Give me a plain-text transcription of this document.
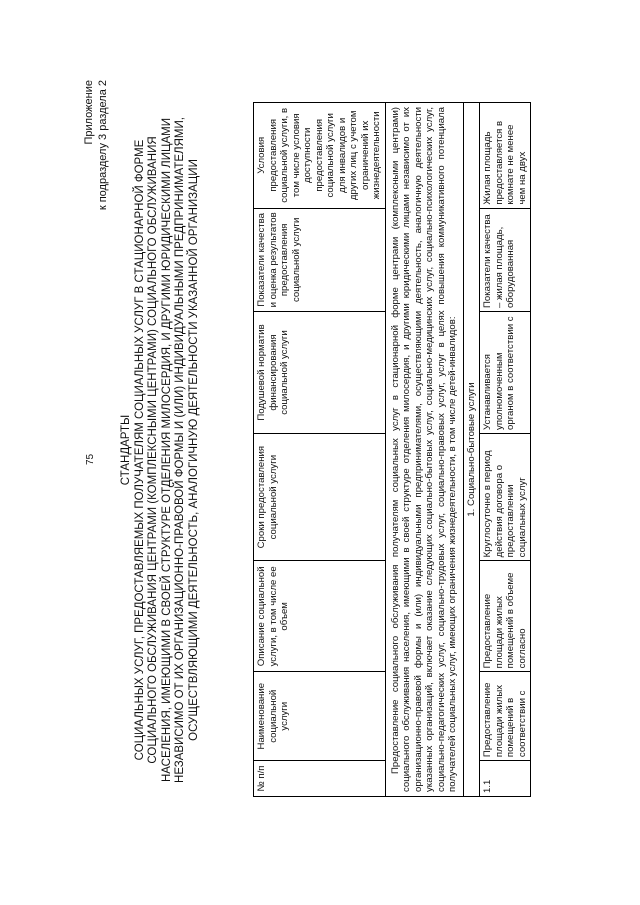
75
Приложение к подразделу 3 раздела 2
СТАНДАРТЫ СОЦИАЛЬНЫХ УСЛУГ, ПРЕДОСТАВЛЯЕМЫХ ПОЛУЧАТЕЛЯМ СОЦИАЛЬНЫХ УСЛУГ В СТАЦИОНАРНОЙ ФОРМЕ СОЦИАЛЬНОГО ОБСЛУЖИВАНИЯ ЦЕНТРАМИ (КОМПЛЕКСНЫМИ ЦЕНТРАМИ) СОЦИАЛЬНОГО ОБСЛУЖИВАНИЯ НАСЕЛЕНИЯ, ИМЕЮЩИМИ В СВОЕЙ СТРУКТУРЕ ОТДЕЛЕНИЯ МИЛОСЕРДИЯ, И ДРУГИМИ ЮРИДИЧЕСКИМИ ЛИЦАМИ НЕЗАВИСИМО ОТ ИХ ОРГАНИЗАЦИОННО-ПРАВОВОЙ ФОРМЫ И (ИЛИ) ИНДИВИДУАЛЬНЫМИ ПРЕДПРИНИМАТЕЛЯМИ, ОСУЩЕСТВЛЯЮЩИМИ ДЕЯТЕЛЬНОСТЬ, АНАЛОГИЧНУЮ ДЕЯТЕЛЬНОСТИ УКАЗАННОЙ ОРГАНИЗАЦИИ
№ п/п	Наименование социальной услуги	Описание социальной услуги, в том числе ее объем	Сроки предоставления социальной услуги	Подушевой норматив финансирования социальной услуги	Показатели качества и оценка результатов предоставления социальной услуги	Условия предоставления социальной услуги, в том числе условия доступности предоставления социальной услуги для инвалидов и других лиц с учетом ограничений их жизнедеятельности
Предоставление социального обслуживания получателям социальных услуг в стационарной форме центрами (комплексными центрами) социального обслуживания населения, имеющими в своей структуре отделения милосердия, и другими юридическими лицами независимо от их организационно-правовой формы и (или) индивидуальными предпринимателями, осуществляющими деятельность, аналогичную деятельности указанных организаций, включает оказание следующих социально-бытовых услуг, социально-медицинских услуг, социально-психологических услуг, социально-педагогических услуг, социально-трудовых услуг, социально-правовых услуг, услуг в целях повышения коммуникативного потенциала получателей социальных услуг, имеющих ограничения жизнедеятельности, в том числе детей-инвалидов:						
1. Социально-бытовые услуги						
1.1	Предоставление площади жилых помещений в соответствии с	Предоставление площади жилых помещений в объеме согласно	Круглосуточно в период действия договора о предоставлении социальных услуг	Устанавливается уполномоченным органом в соответствии с	Показатели качества – жилая площадь, оборудованная	Жилая площадь предоставляется в комнате не менее чем на двух
